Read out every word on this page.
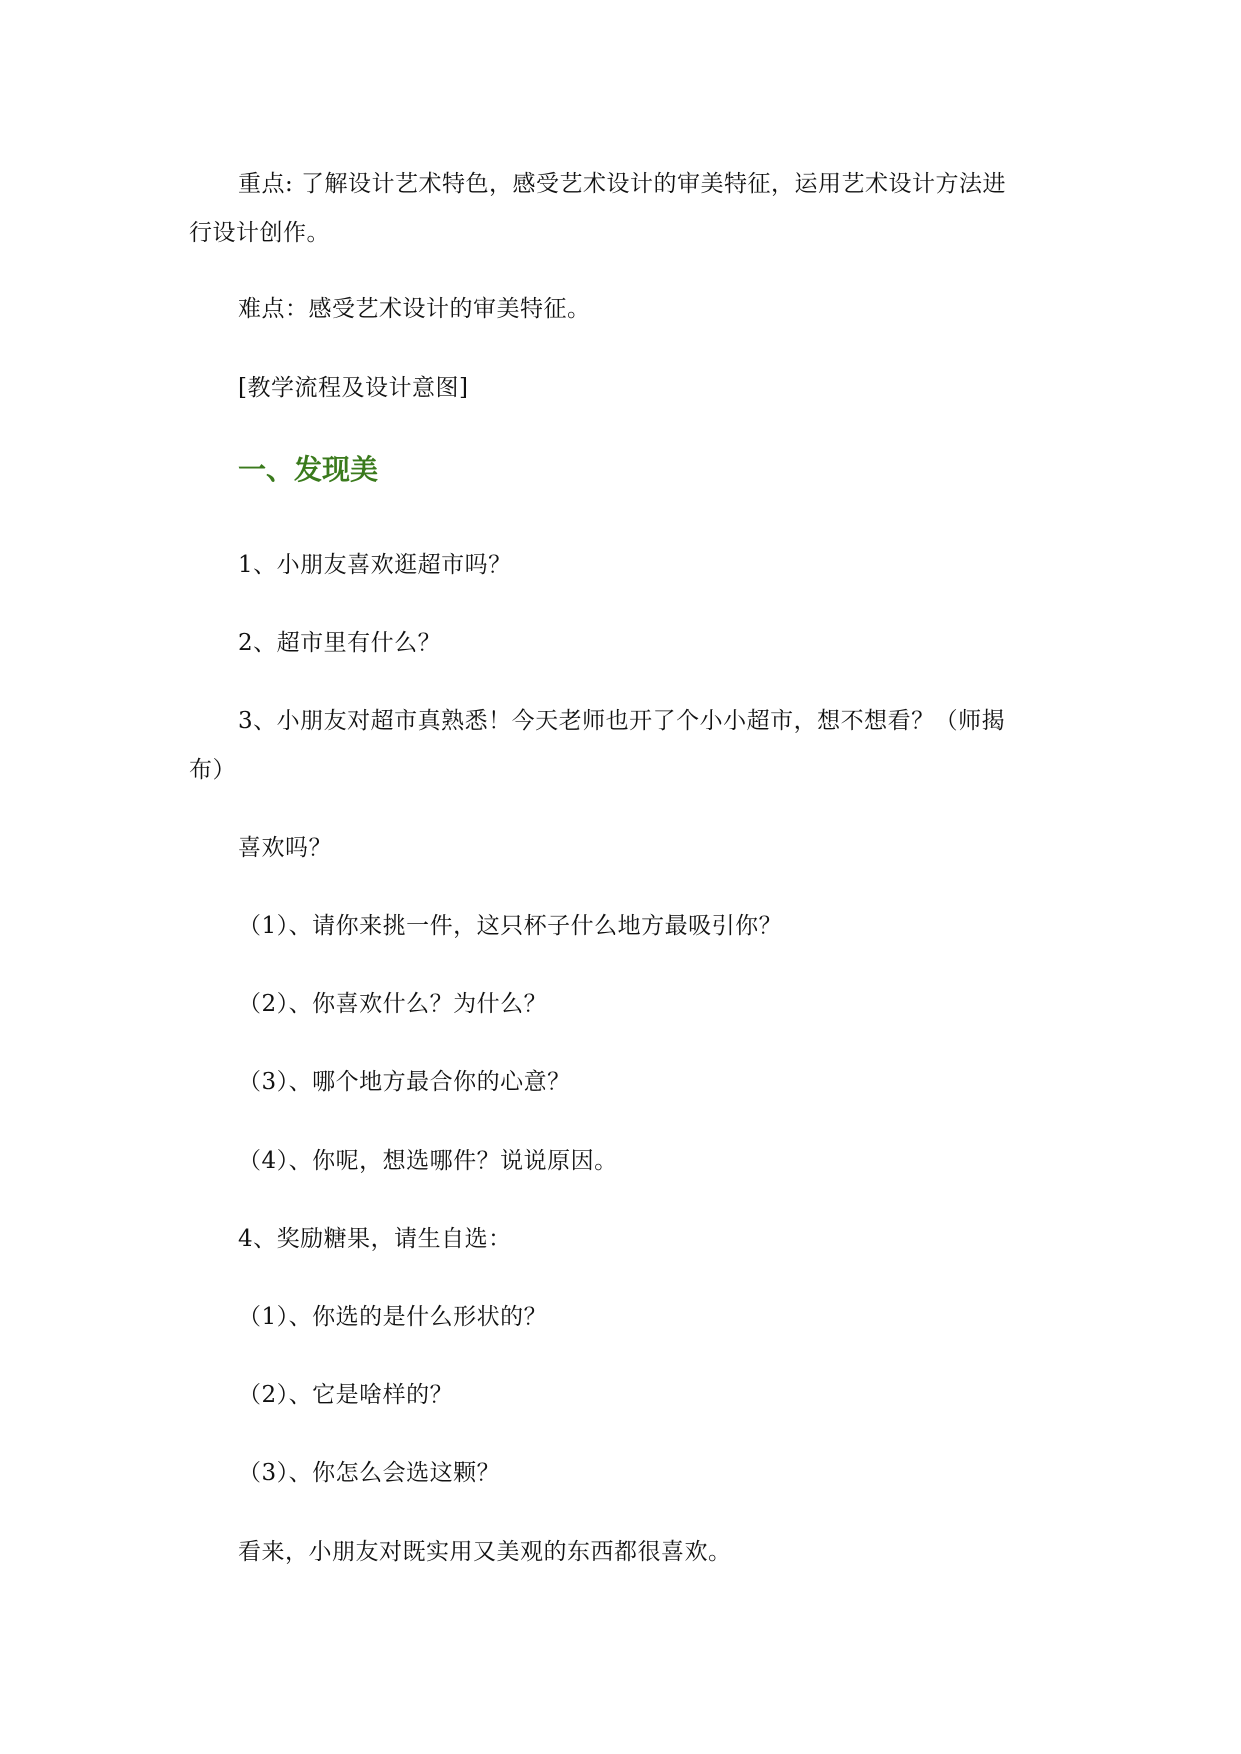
重点: 了解设计艺术特色，感受艺术设计的审美特征，运用艺术设计方法进
行设计创作。
难点：感受艺术设计的审美特征。
[教学流程及设计意图]
一、发现美
1、小朋友喜欢逛超市吗？
2、超市里有什么？
3、小朋友对超市真熟悉！今天老师也开了个小小超市，想不想看？（师揭
布）
喜欢吗？
（1）、请你来挑一件，这只杯子什么地方最吸引你？
（2）、你喜欢什么？为什么？
（3）、哪个地方最合你的心意？
（4）、你呢，想选哪件？说说原因。
4、奖励糖果，请生自选：
（1）、你选的是什么形状的？
（2）、它是啥样的？
（3）、你怎么会选这颗？
看来，小朋友对既实用又美观的东西都很喜欢。
